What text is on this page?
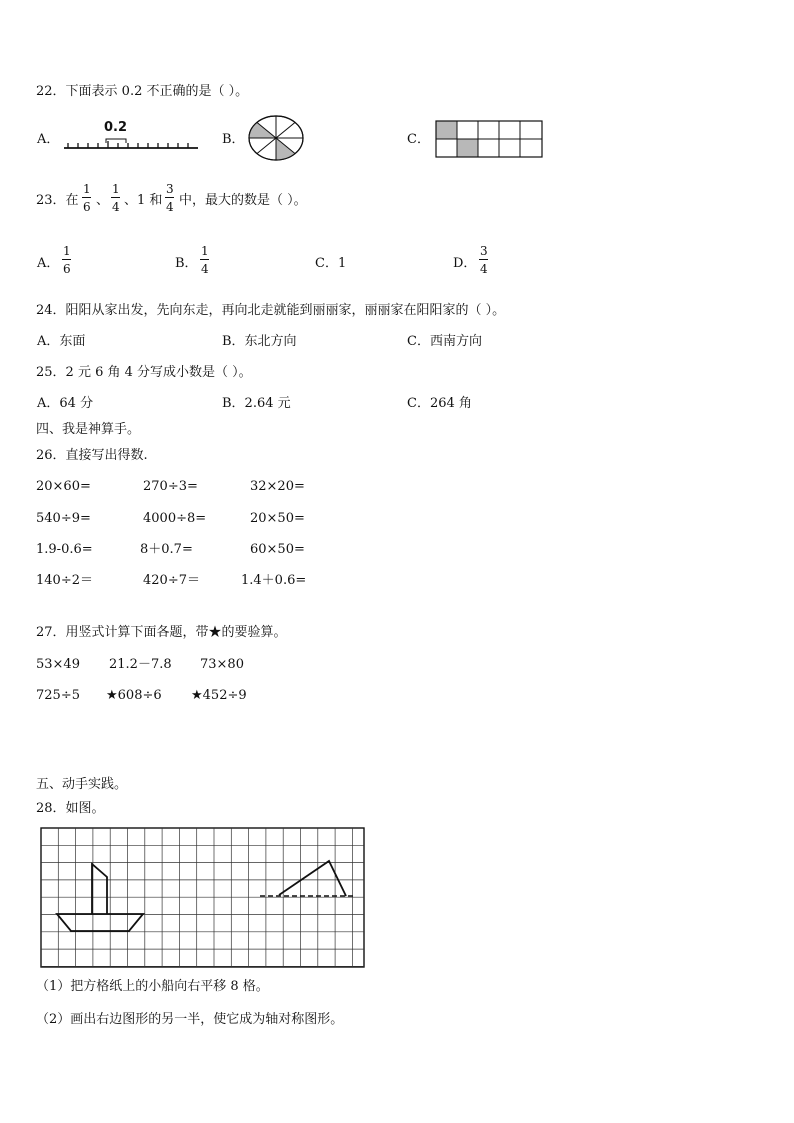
22．下面表示 0.2 不正确的是（ ）。
A．
0.2
B．	C．
23．在
1
6 、
1
4 、1 和
3
4 中，最大的数是（ ）。
A．
1
6	B．
1
4	C．1	D．
3
4
24．阳阳从家出发，先向东走，再向北走就能到丽丽家，丽丽家在阳阳家的（ ）。
A．东面	B．东北方向	C．西南方向
25．2 元 6 角 4 分写成小数是（ ）。
A．64 分	B．2.64 元	C．264 角
四、我是神算手。
26．直接写出得数.
20×60=	270÷3=	32×20=
540÷9=	4000÷8=	20×50=
1.9-0.6=	8＋0.7=	60×50=
140÷2＝	420÷7＝	1.4＋0.6=
27．用竖式计算下面各题，带★的要验算。
53×49 21.2－7.8 73×80
725÷5 ★608÷6 ★452÷9
五、动手实践。
28．如图。
（1）把方格纸上的小船向右平移 8 格。
（2）画出右边图形的另一半，使它成为轴对称图形。
